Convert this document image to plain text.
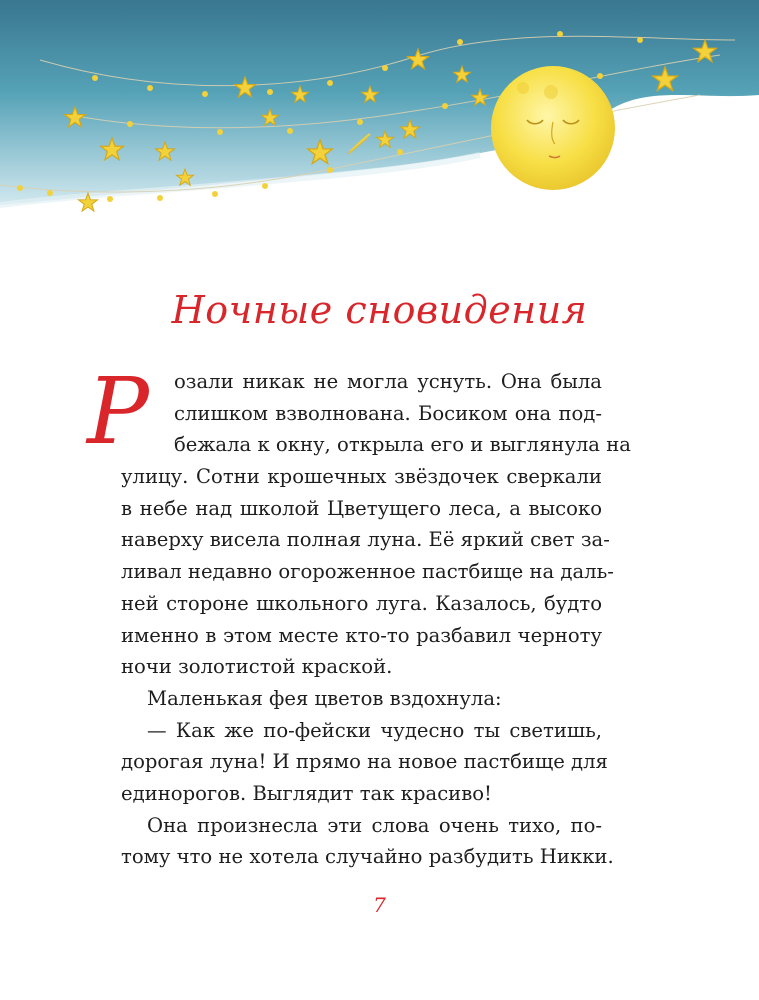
Ночные сновидения
Р озали никак не могла уснуть. Она была
слишком взволнована. Босиком она под-
бежала к окну, открыла его и выглянула на
улицу. Сотни крошечных звёздочек сверкали
в небе над школой Цветущего леса, а высоко
наверху висела полная луна. Её яркий свет за-
ливал недавно огороженное пастбище на даль-
ней стороне школьного луга. Казалось, будто
именно в этом месте кто-то разбавил черноту
ночи золотистой краской.
Маленькая фея цветов вздохнула:
— Как же по-фейски чудесно ты светишь,
дорогая луна! И прямо на новое пастбище для
единорогов. Выглядит так красиво!
Она произнесла эти слова очень тихо, по-
тому что не хотела случайно разбудить Никки.
7
